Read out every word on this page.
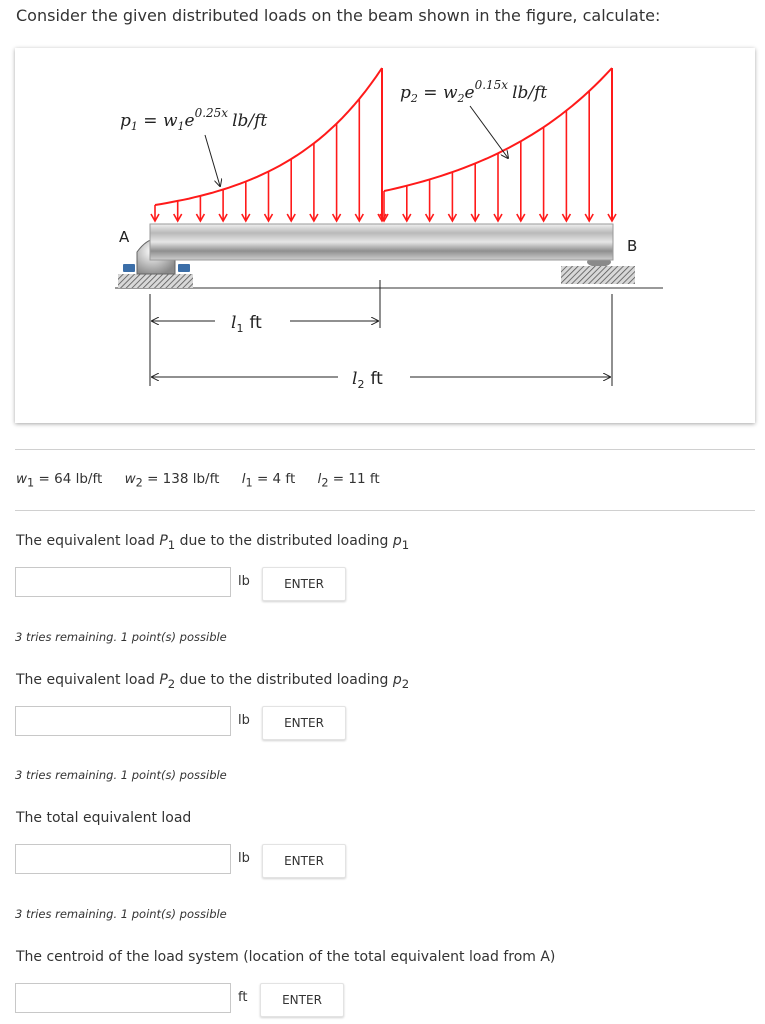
Consider the given distributed loads on the beam shown in the figure, calculate:
$p_1 = w_1e^{0.25x}$ lb/ft
$p_2 = w_2e^{0.15x}$ lb/ft
A	B
$l_1$ ft
$l_2$ ft
$w_1 = 64$ lb/ft $w_2 = 138$ lb/ft $l_1 = 4$ ft $l_2 = 11$ ft
The equivalent load $P_1$ due to the distributed loading $p_1$
lb	ENTER
3 tries remaining. 1 point(s) possible
The equivalent load $P_2$ due to the distributed loading $p_2$
lb	ENTER
3 tries remaining. 1 point(s) possible
The total equivalent load
lb	ENTER
3 tries remaining. 1 point(s) possible
The centroid of the load system (location of the total equivalent load from A)
ft	ENTER
